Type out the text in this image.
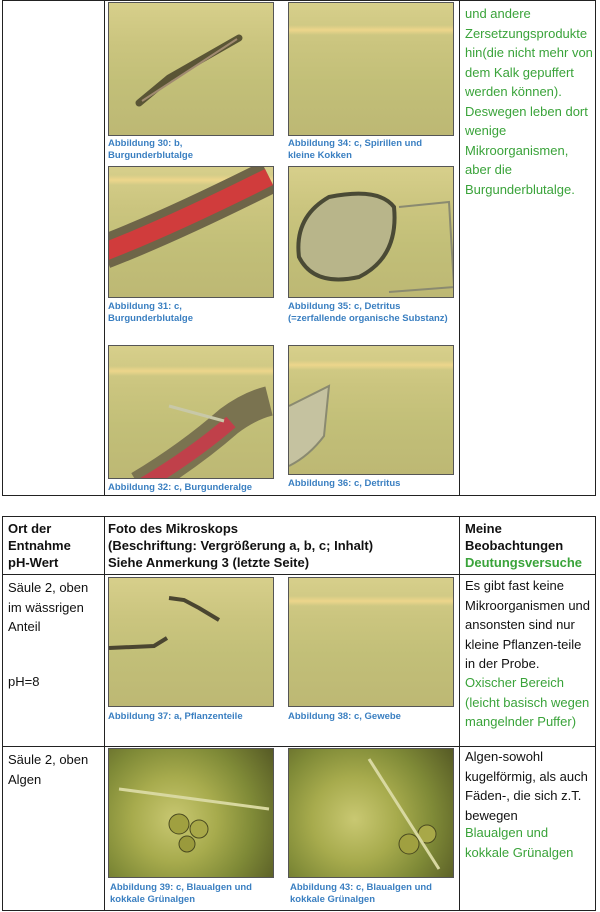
Abbildung 30: b, Burgunderblutalge
Abbildung 34: c, Spirillen und kleine Kokken
Abbildung 31: c, Burgunderblutalge
Abbildung 35: c, Detritus (=zerfallende organische Substanz)
Abbildung 32: c, Burgunderalge	Abbildung 36: c, Detritus
und andere Zersetzungsprodukte hin(die nicht mehr von dem Kalk gepuffert werden können). Deswegen leben dort wenige Mikroorganismen, aber die Burgunderblutalge.
Ort der Entnahme pH-Wert
Foto des Mikroskops
(Beschriftung: Vergrößerung a, b, c; Inhalt)
Siehe Anmerkung 3 (letzte Seite)
Meine Beobachtungen
Deutungsversuche
Säule 2, oben im wässrigen Anteil
pH=8
Abbildung 37: a, Pflanzenteile	Abbildung 38: c, Gewebe
Es gibt fast keine Mikroorganismen und ansonsten sind nur kleine Pflanzen-teile in der Probe.
Oxischer Bereich (leicht basisch wegen mangelnder Puffer)
Säule 2, oben Algen
Abbildung 39: c, Blaualgen und kokkale Grünalgen
Abbildung 43: c, Blaualgen und kokkale Grünalgen
Algen-sowohl kugelförmig, als auch Fäden-, die sich z.T. bewegen
Blaualgen und kokkale Grünalgen
